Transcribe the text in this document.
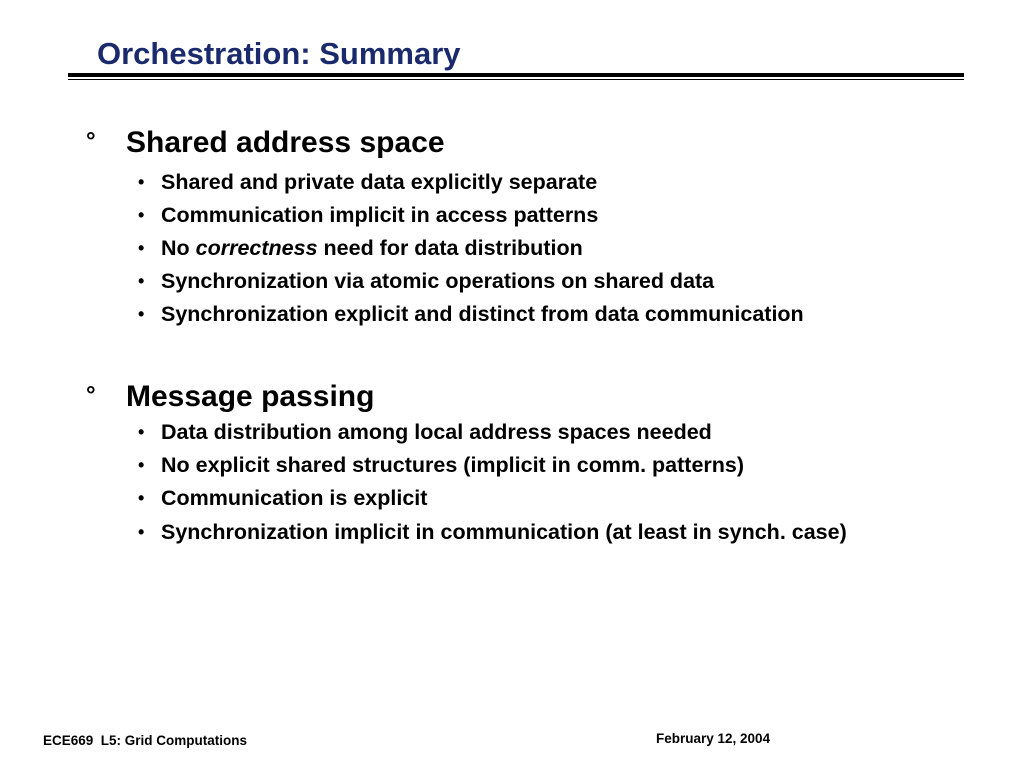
Orchestration: Summary
° Shared address space
• Shared and private data explicitly separate
• Communication implicit in access patterns
• No correctness need for data distribution
• Synchronization via atomic operations on shared data
• Synchronization explicit and distinct from data communication
° Message passing
• Data distribution among local address spaces needed
• No explicit shared structures (implicit in comm. patterns)
• Communication is explicit
• Synchronization implicit in communication (at least in synch. case)
ECE669  L5: Grid Computations	February 12, 2004
